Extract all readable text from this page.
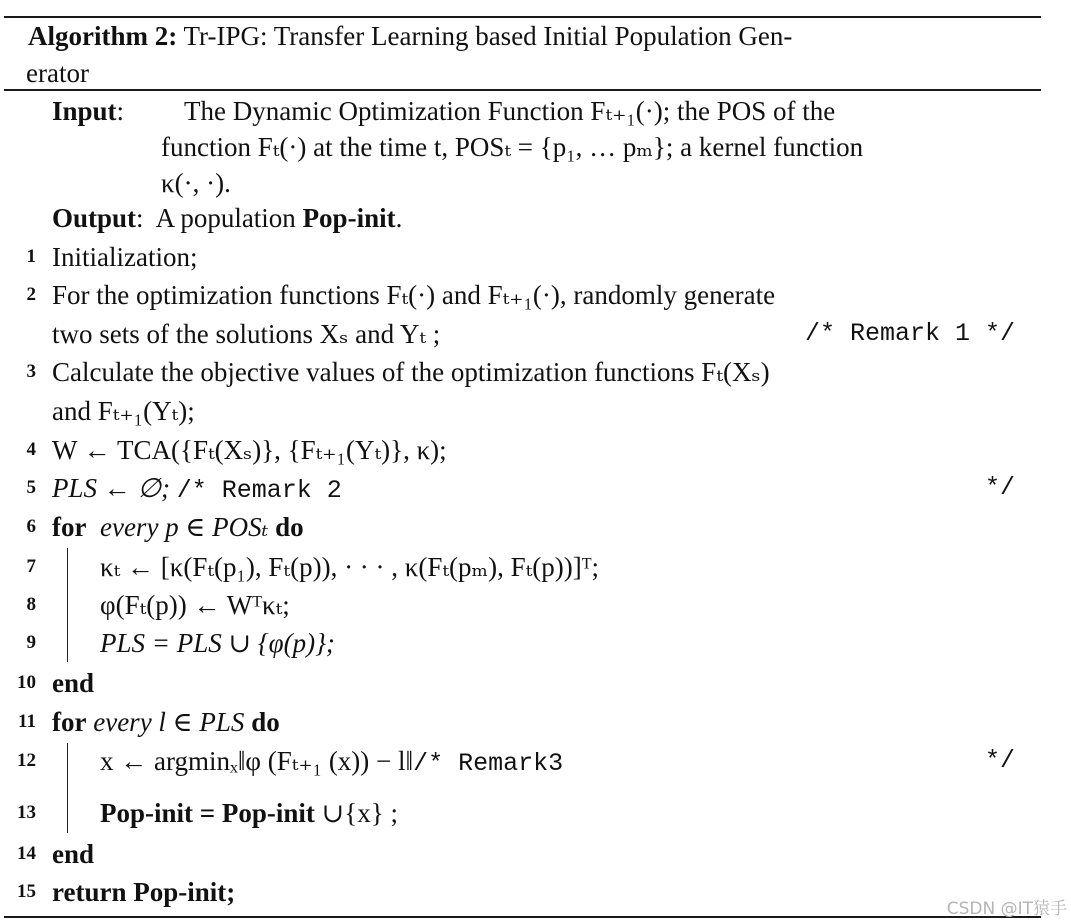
Algorithm 2: Tr-IPG: Transfer Learning based Initial Population Gen-
erator
Input: The Dynamic Optimization Function Fₜ₊₁(·); the POS of the
function Fₜ(·) at the time t, POSₜ = {p₁, … pₘ}; a kernel function
κ(·, ·).
Output:  A population Pop-init.
1 Initialization;
2 For the optimization functions Fₜ(·) and Fₜ₊₁(·), randomly generate
two sets of the solutions Xₛ and Yₜ ;	/* Remark 1 */
3 Calculate the objective values of the optimization functions Fₜ(Xₛ)
and Fₜ₊₁(Yₜ);
4 W ← TCA({Fₜ(Xₛ)}, {Fₜ₊₁(Yₜ)}, κ);
5 PLS ← ∅; /* Remark 2	*/
6 for every p ∈ POSₜ do
7 κₜ ← [κ(Fₜ(p₁), Fₜ(p)), · · · , κ(Fₜ(pₘ), Fₜ(p))]ᵀ;
8 φ(Fₜ(p)) ← Wᵀκₜ;
9 PLS = PLS ∪ {φ(p)};
10 end
11 for every l ∈ PLS do
12 x ← argminₓ‖φ (Fₜ₊₁ (x)) − l‖/* Remark3	*/
13 Pop-init = Pop-init ∪{x} ;
14 end
15 return Pop-init;
CSDN @IT猿手
